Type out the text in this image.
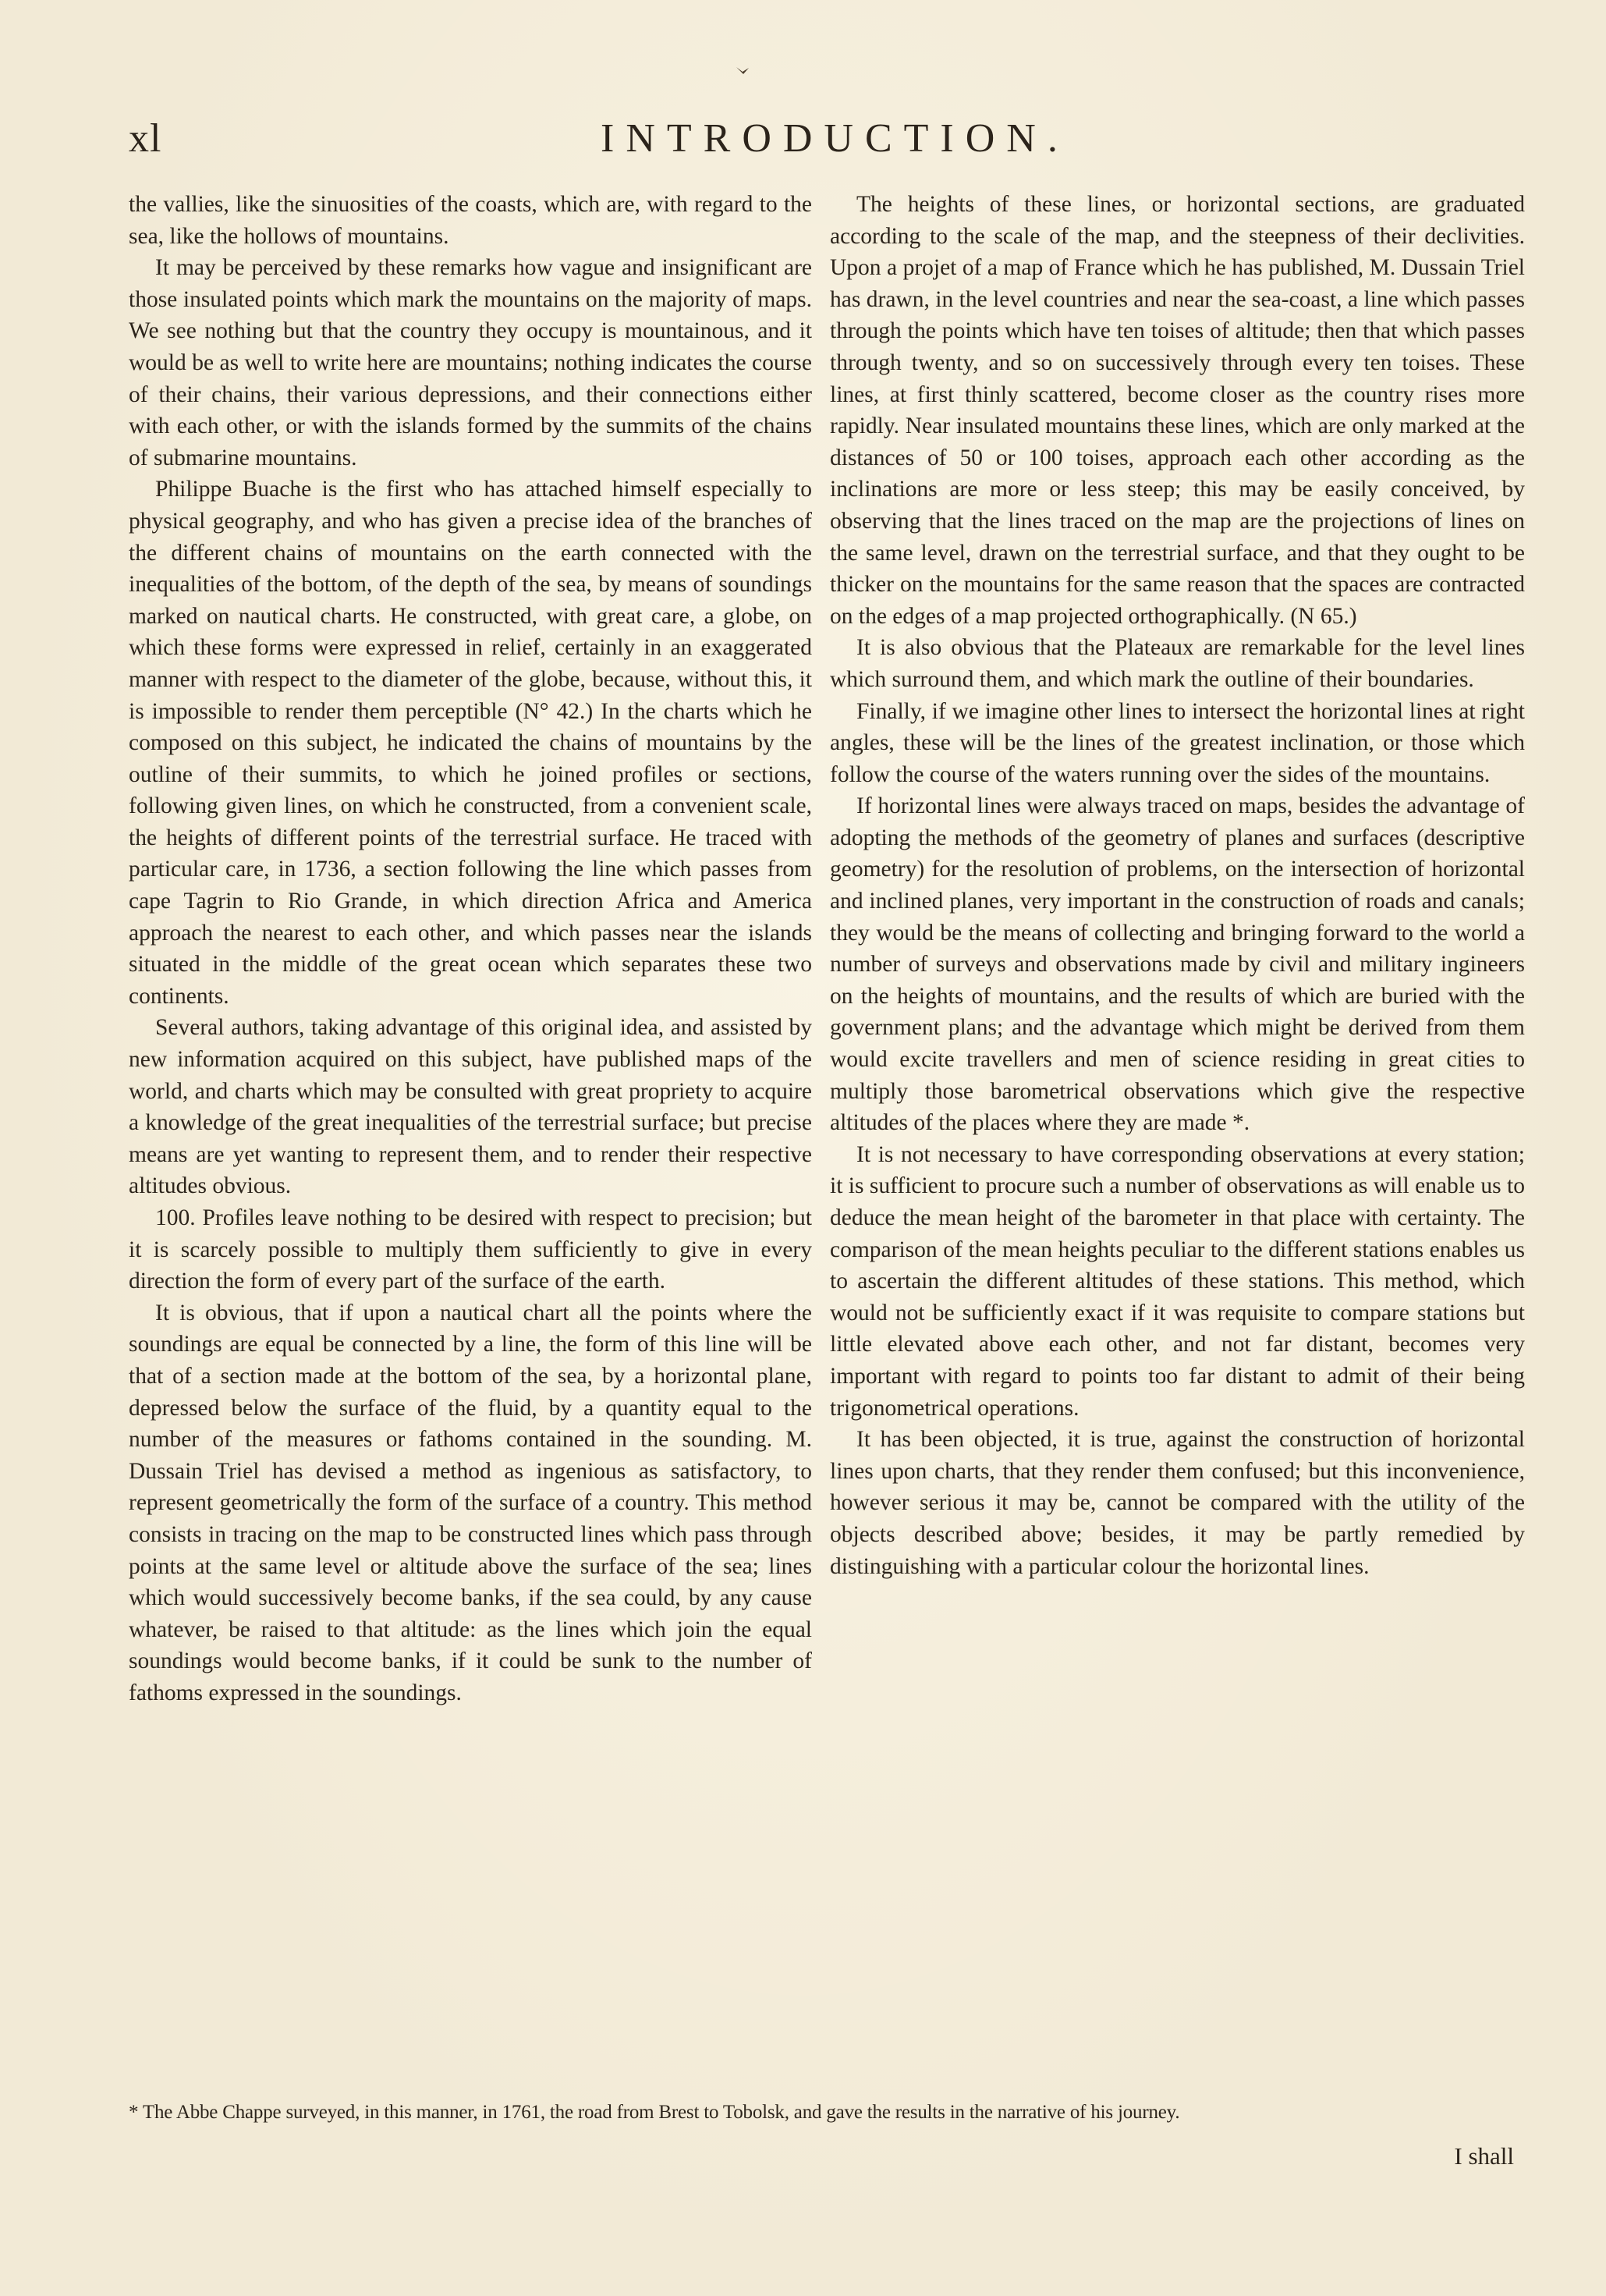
xl	INTRODUCTION.

the vallies, like the sinuosities of the coasts, which are, with regard to the sea, like the hollows of mountains.

It may be perceived by these remarks how vague and insignificant are those insulated points which mark the mountains on the majority of maps. We see nothing but that the country they occupy is mountainous, and it would be as well to write here are mountains; nothing indicates the course of their chains, their various depressions, and their connections either with each other, or with the islands formed by the summits of the chains of submarine mountains.

Philippe Buache is the first who has attached himself especially to physical geography, and who has given a precise idea of the branches of the different chains of mountains on the earth connected with the inequalities of the bottom, of the depth of the sea, by means of soundings marked on nautical charts. He constructed, with great care, a globe, on which these forms were expressed in relief, certainly in an exaggerated manner with respect to the diameter of the globe, because, without this, it is impossible to render them perceptible (N° 42.) In the charts which he composed on this subject, he indicated the chains of mountains by the outline of their summits, to which he joined profiles or sections, following given lines, on which he constructed, from a convenient scale, the heights of different points of the terrestrial surface. He traced with particular care, in 1736, a section following the line which passes from cape Tagrin to Rio Grande, in which direction Africa and America approach the nearest to each other, and which passes near the islands situated in the middle of the great ocean which separates these two continents.

Several authors, taking advantage of this original idea, and assisted by new information acquired on this subject, have published maps of the world, and charts which may be consulted with great propriety to acquire a knowledge of the great inequalities of the terrestrial surface; but precise means are yet wanting to represent them, and to render their respective altitudes obvious.

100. Profiles leave nothing to be desired with respect to precision; but it is scarcely possible to multiply them sufficiently to give in every direction the form of every part of the surface of the earth.

It is obvious, that if upon a nautical chart all the points where the soundings are equal be connected by a line, the form of this line will be that of a section made at the bottom of the sea, by a horizontal plane, depressed below the surface of the fluid, by a quantity equal to the number of the measures or fathoms contained in the sounding. M. Dussain Triel has devised a method as ingenious as satisfactory, to represent geometrically the form of the surface of a country. This method consists in tracing on the map to be constructed lines which pass through points at the same level or altitude above the surface of the sea; lines which would successively become banks, if the sea could, by any cause whatever, be raised to that altitude: as the lines which join the equal soundings would become banks, if it could be sunk to the number of fathoms expressed in the soundings.

The heights of these lines, or horizontal sections, are graduated according to the scale of the map, and the steepness of their declivities. Upon a projet of a map of France which he has published, M. Dussain Triel has drawn, in the level countries and near the sea-coast, a line which passes through the points which have ten toises of altitude; then that which passes through twenty, and so on successively through every ten toises. These lines, at first thinly scattered, become closer as the country rises more rapidly. Near insulated mountains these lines, which are only marked at the distances of 50 or 100 toises, approach each other according as the inclinations are more or less steep; this may be easily conceived, by observing that the lines traced on the map are the projections of lines on the same level, drawn on the terrestrial surface, and that they ought to be thicker on the mountains for the same reason that the spaces are contracted on the edges of a map projected orthographically. (N 65.)

It is also obvious that the Plateaux are remarkable for the level lines which surround them, and which mark the outline of their boundaries.

Finally, if we imagine other lines to intersect the horizontal lines at right angles, these will be the lines of the greatest inclination, or those which follow the course of the waters running over the sides of the mountains.

If horizontal lines were always traced on maps, besides the advantage of adopting the methods of the geometry of planes and surfaces (descriptive geometry) for the resolution of problems, on the intersection of horizontal and inclined planes, very important in the construction of roads and canals; they would be the means of collecting and bringing forward to the world a number of surveys and observations made by civil and military ingineers on the heights of mountains, and the results of which are buried with the government plans; and the advantage which might be derived from them would excite travellers and men of science residing in great cities to multiply those barometrical observations which give the respective altitudes of the places where they are made *.

It is not necessary to have corresponding observations at every station; it is sufficient to procure such a number of observations as will enable us to deduce the mean height of the barometer in that place with certainty. The comparison of the mean heights peculiar to the different stations enables us to ascertain the different altitudes of these stations. This method, which would not be sufficiently exact if it was requisite to compare stations but little elevated above each other, and not far distant, becomes very important with regard to points too far distant to admit of their being trigonometrical operations.

It has been objected, it is true, against the construction of horizontal lines upon charts, that they render them confused; but this inconvenience, however serious it may be, cannot be compared with the utility of the objects described above; besides, it may be partly remedied by distinguishing with a particular colour the horizontal lines.

* The Abbe Chappe surveyed, in this manner, in 1761, the road from Brest to Tobolsk, and gave the results in the narrative of his journey.
I shall
